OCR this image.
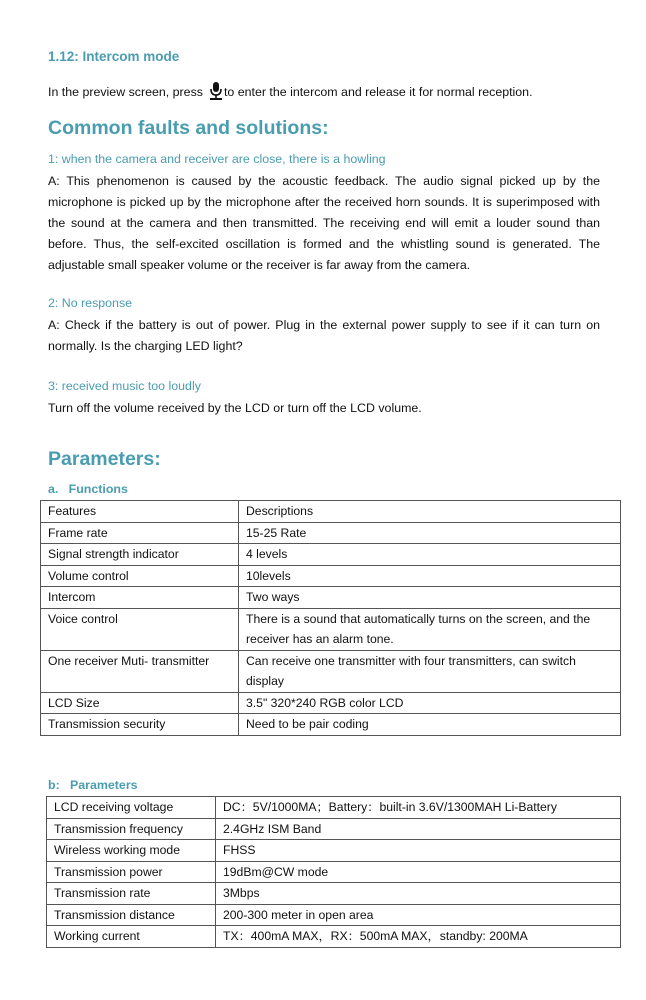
1.12: Intercom mode
In the preview screen, press to enter the intercom and release it for normal reception.
Common faults and solutions:
1: when the camera and receiver are close, there is a howling
A: This phenomenon is caused by the acoustic feedback. The audio signal picked up by the microphone is picked up by the microphone after the received horn sounds. It is superimposed with the sound at the camera and then transmitted. The receiving end will emit a louder sound than before. Thus, the self-excited oscillation is formed and the whistling sound is generated. The adjustable small speaker volume or the receiver is far away from the camera.
2: No response
A: Check if the battery is out of power. Plug in the external power supply to see if it can turn on normally. Is the charging LED light?
3: received music too loudly
Turn off the volume received by the LCD or turn off the LCD volume.
Parameters:
a.   Functions
Features	Descriptions
Frame rate	15-25 Rate
Signal strength indicator	4 levels
Volume control	10levels
Intercom	Two ways
Voice control	There is a sound that automatically turns on the screen, and the receiver has an alarm tone.
One receiver Muti- transmitter	Can receive one transmitter with four transmitters, can switch display
LCD Size	3.5" 320*240 RGB color LCD
Transmission security	Need to be pair coding
b:   Parameters
LCD receiving voltage	DC：5V/1000MA；Battery：built-in 3.6V/1300MAH Li-Battery
Transmission frequency	2.4GHz ISM Band
Wireless working mode	FHSS
Transmission power	19dBm@CW mode
Transmission rate	3Mbps
Transmission distance	200-300 meter in open area
Working current	TX：400mA MAX，RX：500mA MAX，standby: 200MA
